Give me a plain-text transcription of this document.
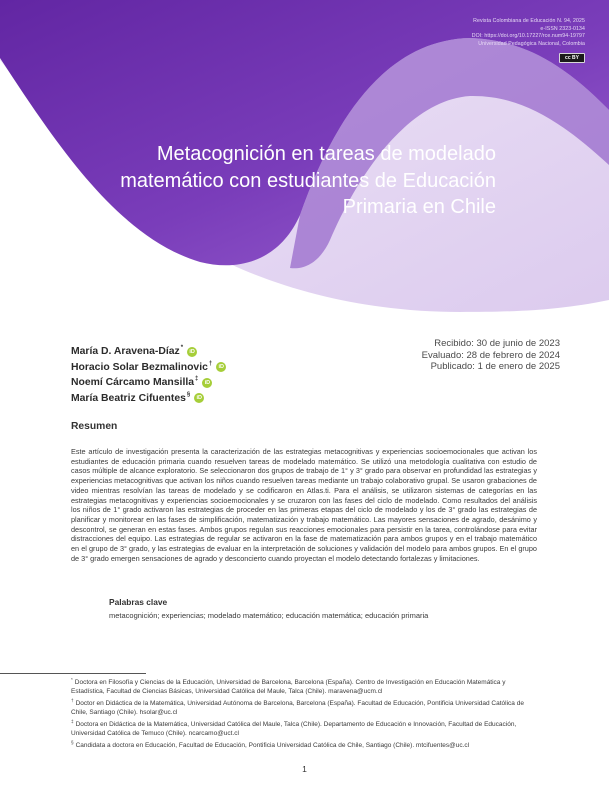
Revista Colombiana de Educación N. 94, 2025
e-ISSN 2323-0134
DOI: https://doi.org/10.17227/rce.num94-19797
Universidad Pedagógica Nacional, Colombia
cc BY
Metacognición en tareas de modelado matemático con estudiantes de Educación Primaria en Chile
María D. Aravena-Díaz*
iD
Horacio Solar Bezmalinovic†
iD
Noemí Cárcamo Mansilla‡
iD
María Beatriz Cifuentes§
iD
Recibido: 30 de junio de 2023
Evaluado: 28 de febrero de 2024
Publicado: 1 de enero de 2025
Resumen

Este artículo de investigación presenta la caracterización de las estrategias metacognitivas y experiencias socioemocionales que activan los estudiantes de educación primaria cuando resuelven tareas de modelado matemático. Se utilizó una metodología cualitativa con estudio de casos múltiple de alcance exploratorio. Se seleccionaron dos grupos de trabajo de 1° y 3° grado para observar en profundidad las estrategias y experiencias metacognitivas que activan los niños cuando resuelven tareas mediante un trabajo colaborativo grupal. Se usaron grabaciones de video mientras resolvían las tareas de modelado y se codificaron en Atlas.ti. Para el análisis, se utilizaron sistemas de categorías en las estrategias metacognitivas y experiencias socioemocionales y se cruzaron con las fases del ciclo de modelado. Como resultados del análisis los niños de 1° grado activaron las estrategias de proceder en las primeras etapas del ciclo de modelado y los de 3° grado las estrategias de planificar y monitorear en las fases de simplificación, matematización y trabajo matemático. Las mayores sensaciones de agrado, desánimo y descontrol, se generan en estas fases. Ambos grupos regulan sus reacciones emocionales para persistir en la tarea, controlándose para evitar distracciones del equipo. Las estrategias de regular se activaron en la fase de matematización para ambos grupos y en el trabajo matemático en el grupo de 3° grado, y las estrategias de evaluar en la interpretación de soluciones y validación del modelo para ambos grupos. En el grupo de 3° grado emergen sensaciones de agrado y desconcierto cuando proyectan el modelo detectando fortalezas y limitaciones.

Palabras clave
metacognición; experiencias; modelado matemático; educación matemática; educación primaria
* Doctora en Filosofía y Ciencias de la Educación, Universidad de Barcelona, Barcelona (España). Centro de Investigación en Educación Matemática y Estadística, Facultad de Ciencias Básicas, Universidad Católica del Maule, Talca (Chile). maravena@ucm.cl
† Doctor en Didáctica de la Matemática, Universidad Autónoma de Barcelona, Barcelona (España). Facultad de Educación, Pontificia Universidad Católica de Chile, Santiago (Chile). hsolar@uc.cl
‡ Doctora en Didáctica de la Matemática, Universidad Católica del Maule, Talca (Chile). Departamento de Educación e Innovación, Facultad de Educación, Universidad Católica de Temuco (Chile). ncarcamo@uct.cl
§ Candidata a doctora en Educación, Facultad de Educación, Pontificia Universidad Católica de Chile, Santiago (Chile). mtcifuentes@uc.cl
1
